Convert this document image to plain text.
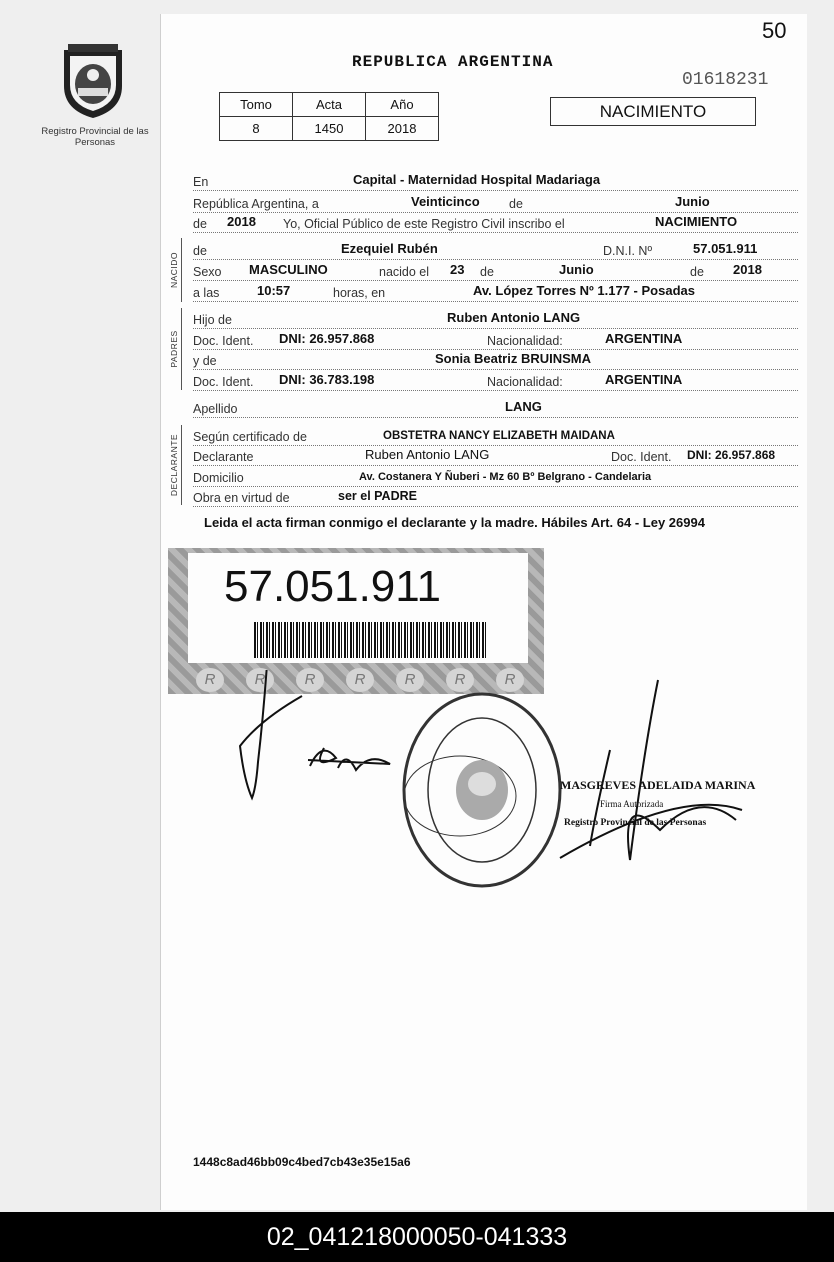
50
Registro Provincial de las Personas
REPUBLICA ARGENTINA
01618231
NACIMIENTO
Tomo	Acta	Año
8	1450	2018
En	Capital - Maternidad Hospital Madariaga
República Argentina, a	Veinticinco de	Junio
de 2018 Yo, Oficial Público de este Registro Civil inscribo el	NACIMIENTO
NACIDO
de	Ezequiel Rubén	D.N.I. Nº	57.051.911
Sexo MASCULINO	nacido el 23 de	Junio	de 2018
a las	10:57	horas, en	Av. López Torres Nº 1.177 - Posadas
PADRES
Hijo de	Ruben Antonio LANG
Doc. Ident. DNI: 26.957.868	Nacionalidad:	ARGENTINA
y de	Sonia Beatriz BRUINSMA
Doc. Ident. DNI: 36.783.198	Nacionalidad:	ARGENTINA
Apellido	LANG
DECLARANTE Según certificado de	OBSTETRA NANCY ELIZABETH MAIDANA
Declarante	Ruben Antonio LANG	Doc. Ident. DNI: 26.957.868
Domicilio	Av. Costanera Y Ñuberi - Mz 60 Bº Belgrano - Candelaria
Obra en virtud de	ser el PADRE
Leida el acta firman conmigo el declarante y la madre. Hábiles Art. 64 - Ley 26994
57.051.911
R	R	R	R	R	R	R
MASGREVES ADELAIDA MARINA
Firma Autorizada
Registro Provincial de las Personas
1448c8ad46bb09c4bed7cb43e35e15a6
02_041218000050-041333
